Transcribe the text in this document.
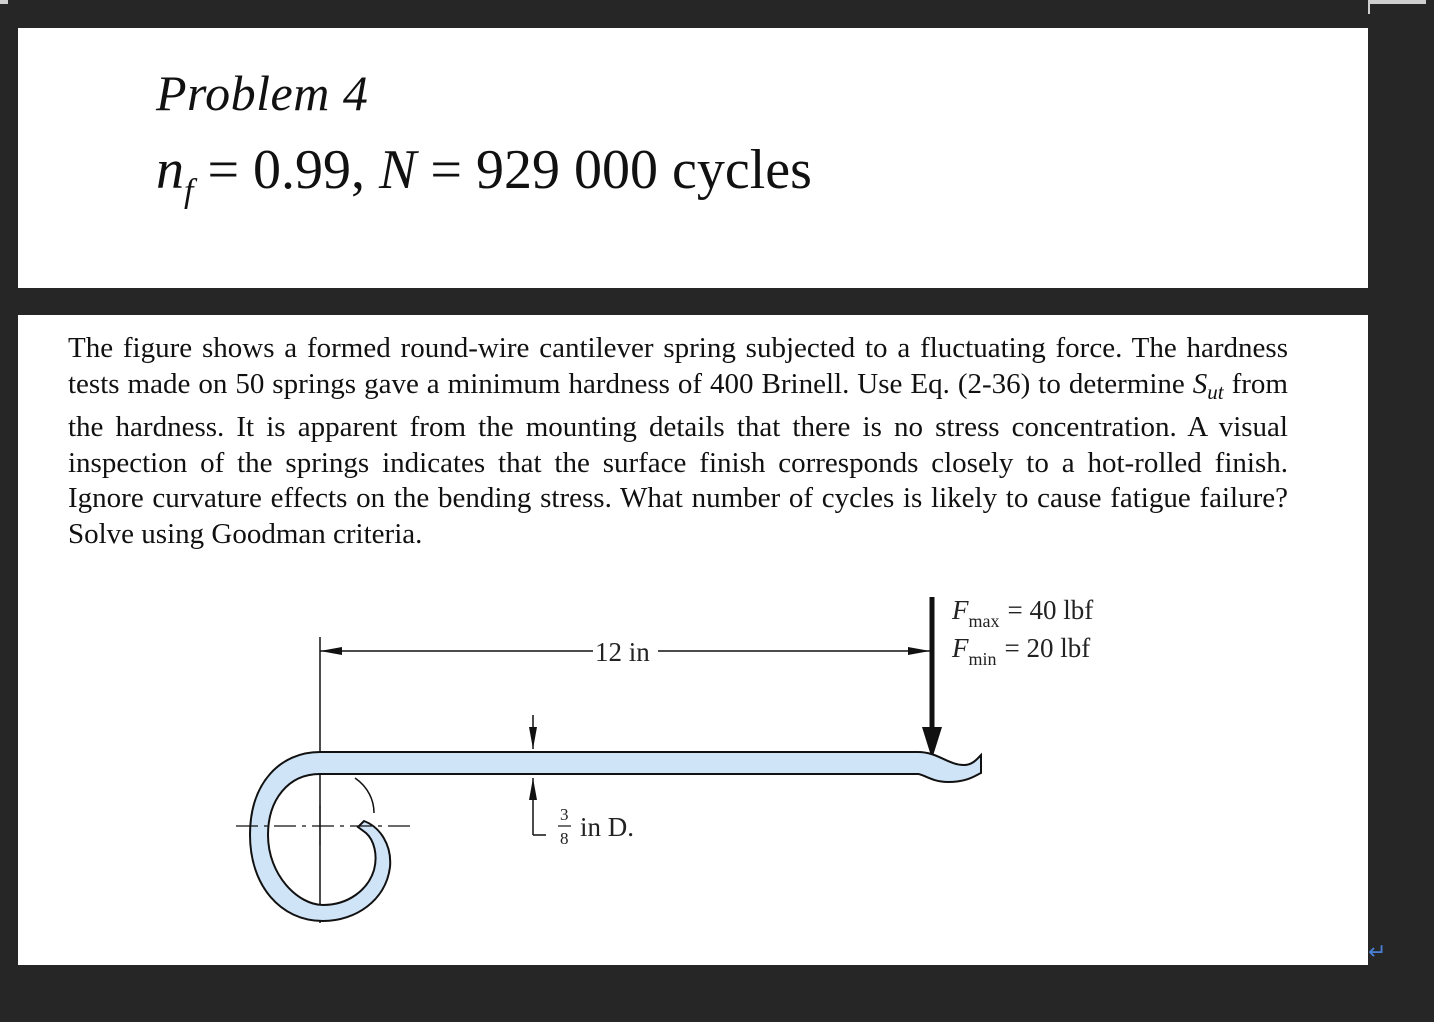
Problem 4
$n_f = 0.99$, N = 929 000 cycles
The figure shows a formed round-wire cantilever spring subjected to a fluctuating force. The hardness tests made on 50 springs gave a minimum hardness of 400 Brinell. Use Eq. (2-36) to determine $S_{ut}$ from the hardness. It is apparent from the mounting details that there is no stress concentration. A visual inspection of the springs indicates that the surface finish corresponds closely to a hot-rolled finish. Ignore curvature effects on the bending stress. What number of cycles is likely to cause fatigue failure? Solve using Goodman criteria.
12 in
$F_{max} = 40$ lbf
$F_{min} = 20$ lbf
3
8 in D.
↵
